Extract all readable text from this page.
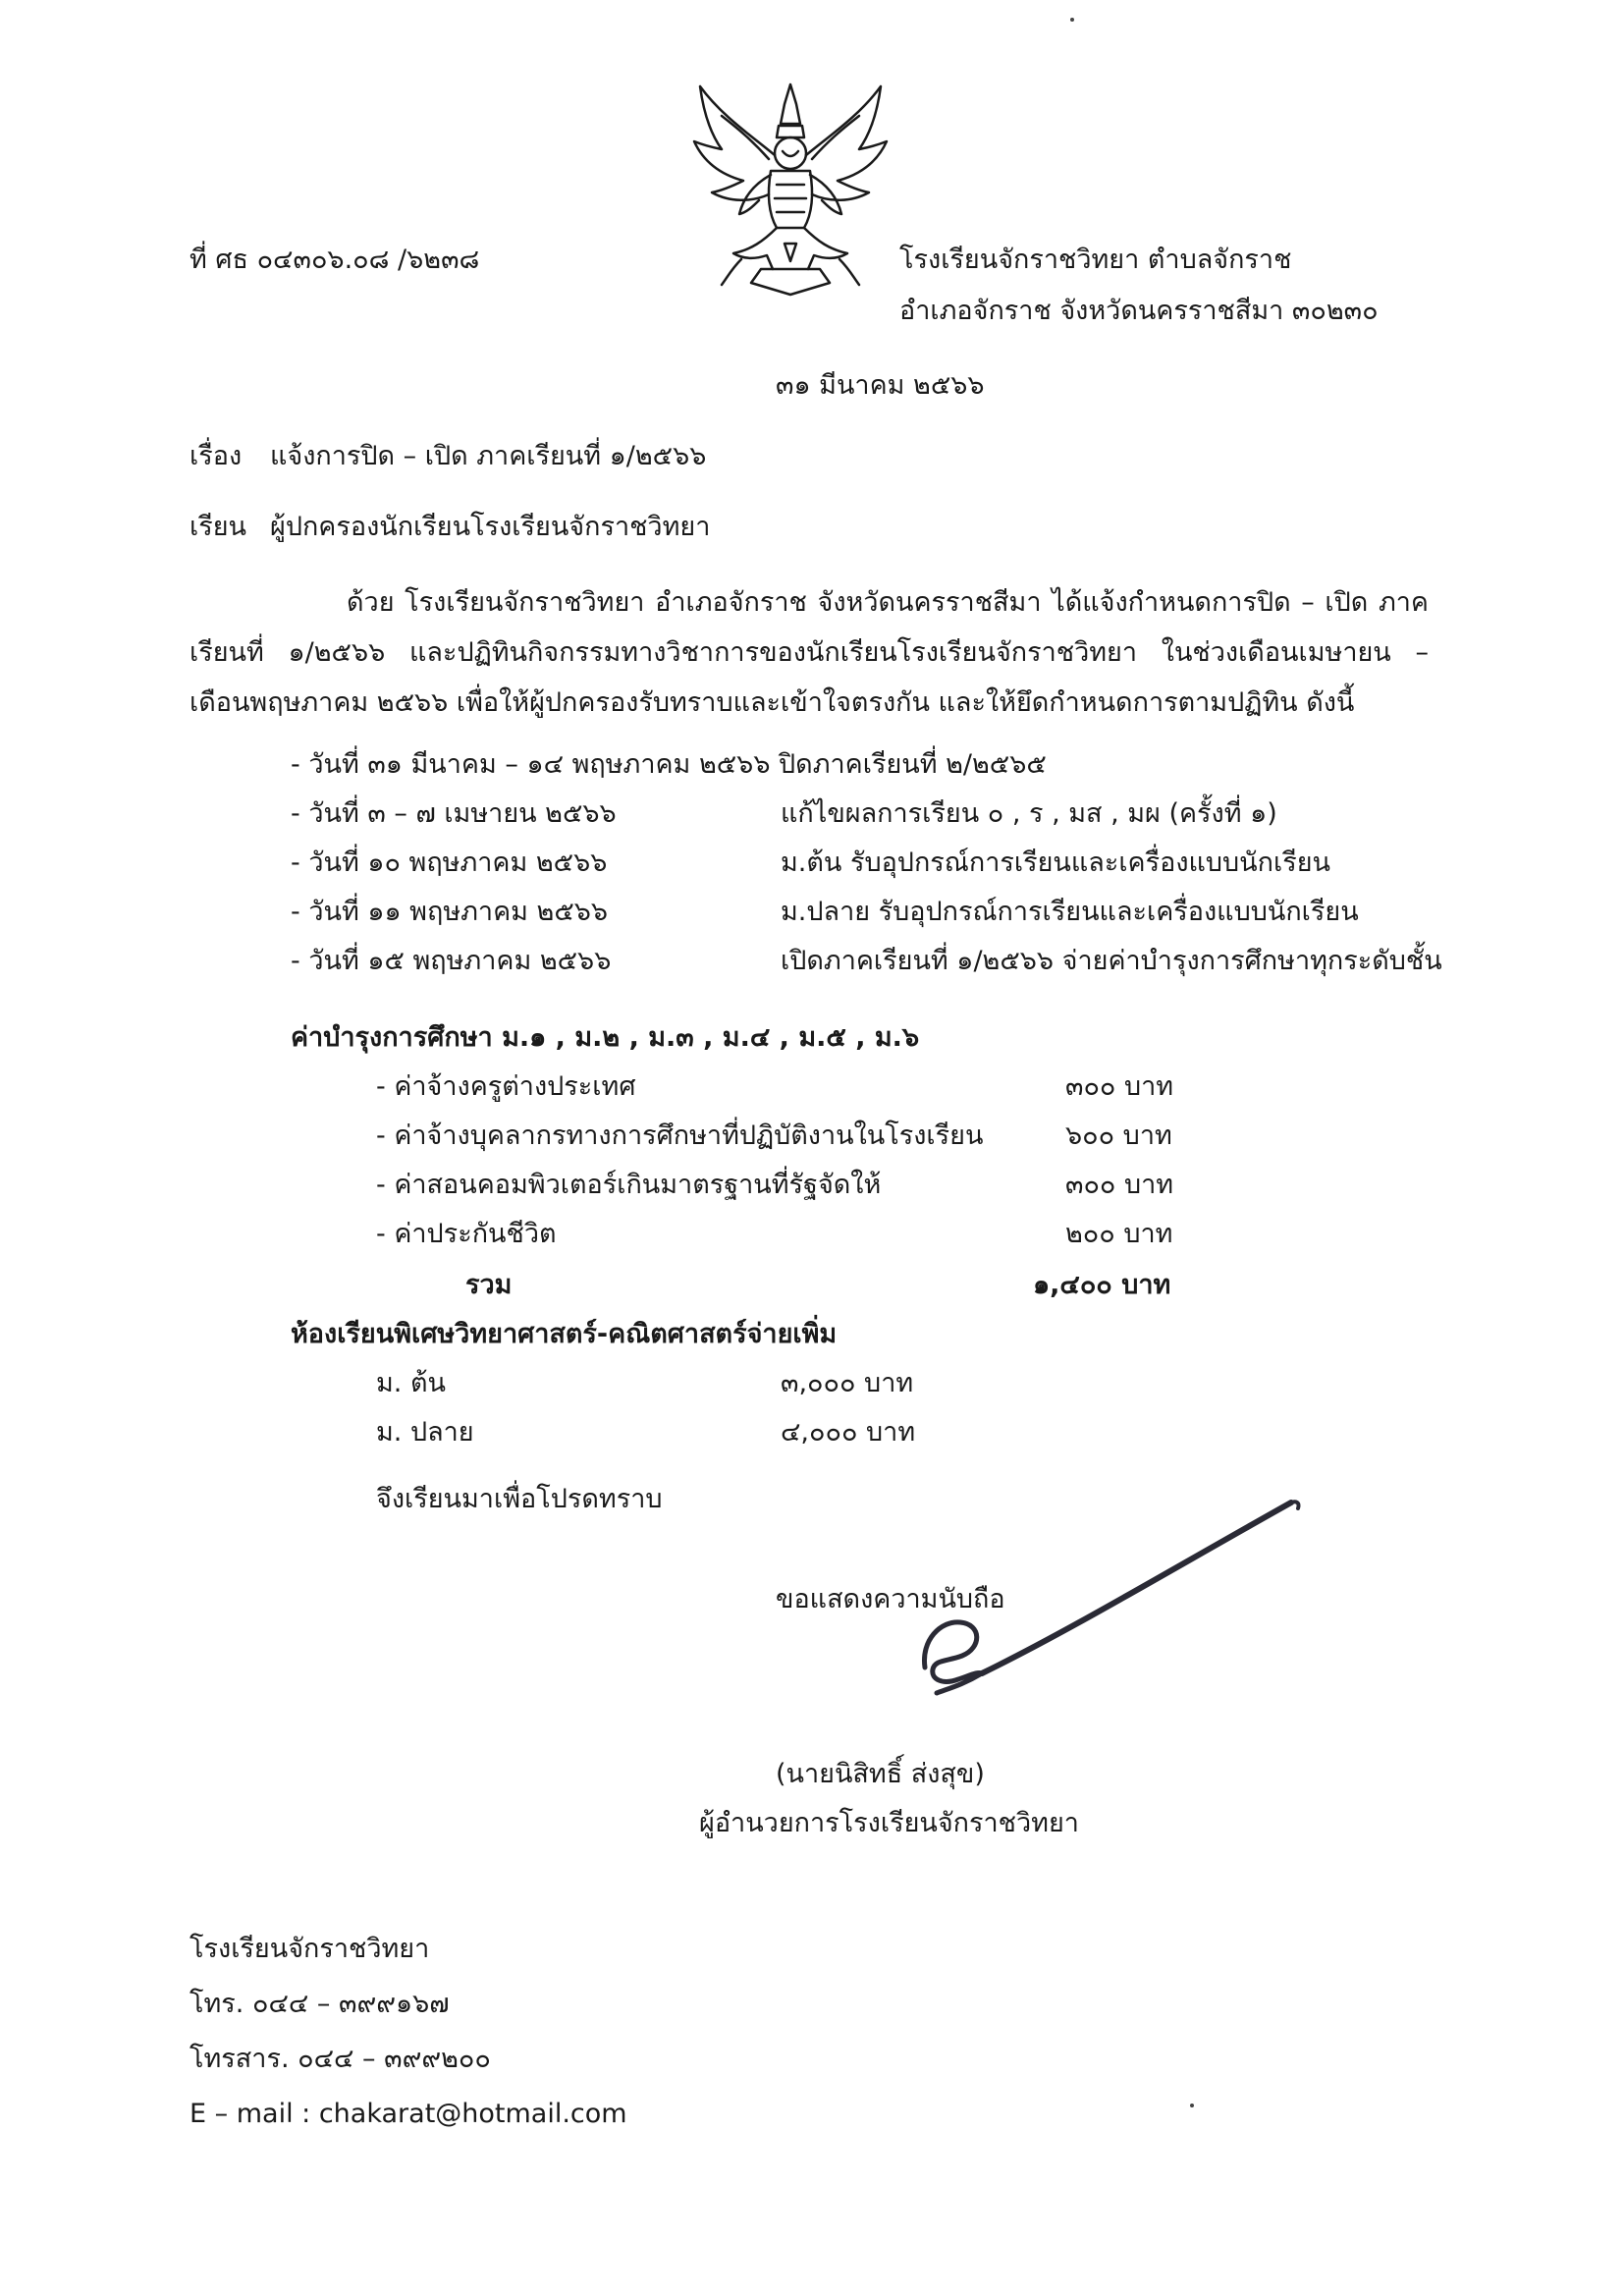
ที่ ศธ ๐๔๓๐๖.๐๘ /๖๒๓๘	โรงเรียนจักราชวิทยา ตำบลจักราช
อำเภอจักราช จังหวัดนครราชสีมา ๓๐๒๓๐
๓๑ มีนาคม ๒๕๖๖
เรื่อง แจ้งการปิด – เปิด ภาคเรียนที่ ๑/๒๕๖๖
เรียน ผู้ปกครองนักเรียนโรงเรียนจักราชวิทยา
ด้วย โรงเรียนจักราชวิทยา อำเภอจักราช จังหวัดนครราชสีมา ได้แจ้งกำหนดการปิด – เปิด ภาคเรียนที่ ๑/๒๕๖๖ และปฏิทินกิจกรรมทางวิชาการของนักเรียนโรงเรียนจักราชวิทยา ในช่วงเดือนเมษายน – เดือนพฤษภาคม ๒๕๖๖ เพื่อให้ผู้ปกครองรับทราบและเข้าใจตรงกัน และให้ยึดกำหนดการตามปฏิทิน ดังนี้
- วันที่ ๓๑ มีนาคม – ๑๔ พฤษภาคม ๒๕๖๖ ปิดภาคเรียนที่ ๒/๒๕๖๕
- วันที่ ๓ – ๗ เมษายน ๒๕๖๖	แก้ไขผลการเรียน ๐ , ร , มส , มผ (ครั้งที่ ๑)
- วันที่ ๑๐ พฤษภาคม ๒๕๖๖	ม.ต้น รับอุปกรณ์การเรียนและเครื่องแบบนักเรียน
- วันที่ ๑๑ พฤษภาคม ๒๕๖๖	ม.ปลาย รับอุปกรณ์การเรียนและเครื่องแบบนักเรียน
- วันที่ ๑๕ พฤษภาคม ๒๕๖๖	เปิดภาคเรียนที่ ๑/๒๕๖๖ จ่ายค่าบำรุงการศึกษาทุกระดับชั้น
ค่าบำรุงการศึกษา ม.๑ , ม.๒ , ม.๓ , ม.๔ , ม.๕ , ม.๖
- ค่าจ้างครูต่างประเทศ	๓๐๐ บาท
- ค่าจ้างบุคลากรทางการศึกษาที่ปฏิบัติงานในโรงเรียน	๖๐๐ บาท
- ค่าสอนคอมพิวเตอร์เกินมาตรฐานที่รัฐจัดให้	๓๐๐ บาท
- ค่าประกันชีวิต	๒๐๐ บาท
รวม	๑,๔๐๐ บาท
ห้องเรียนพิเศษวิทยาศาสตร์-คณิตศาสตร์จ่ายเพิ่ม
ม. ต้น	๓,๐๐๐ บาท
ม. ปลาย	๔,๐๐๐ บาท
จึงเรียนมาเพื่อโปรดทราบ
ขอแสดงความนับถือ
(นายนิสิทธิ์ ส่งสุข)
ผู้อำนวยการโรงเรียนจักราชวิทยา
โรงเรียนจักราชวิทยา
โทร. ๐๔๔ – ๓๙๙๑๖๗
โทรสาร. ๐๔๔ – ๓๙๙๒๐๐
E – mail : chakarat@hotmail.com
